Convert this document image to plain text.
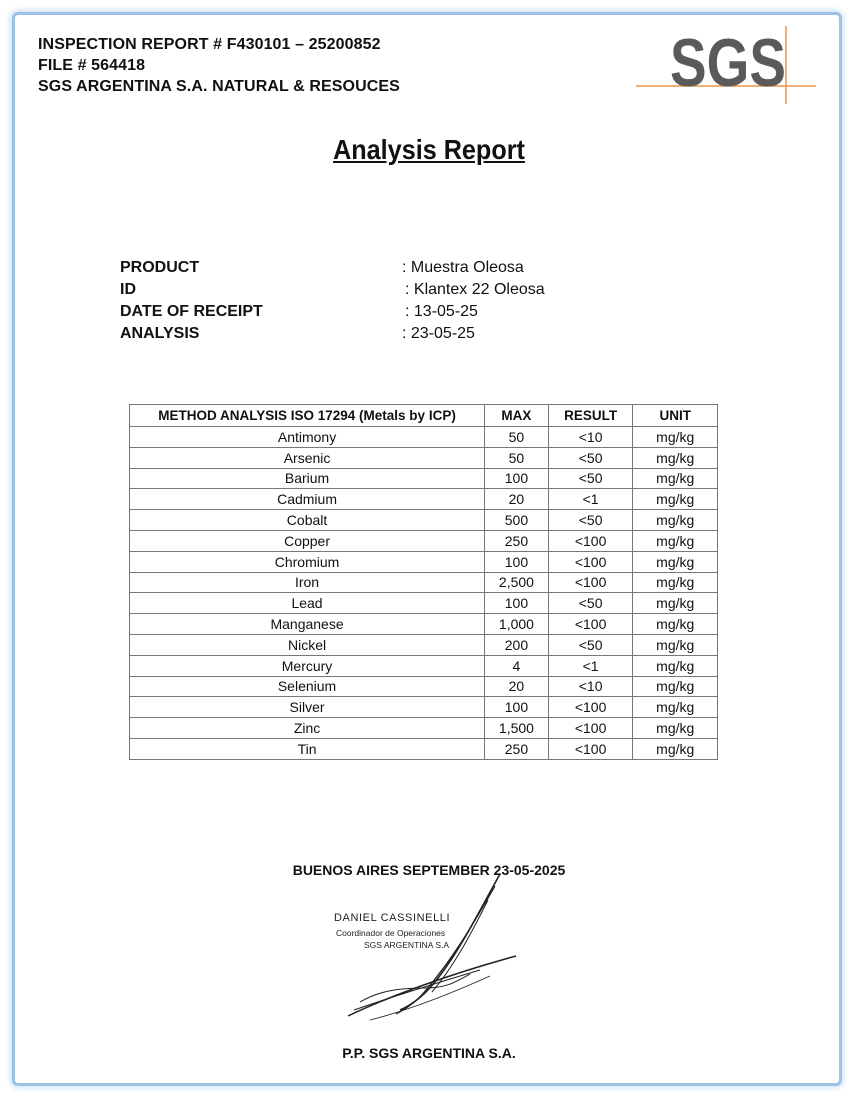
INSPECTION REPORT # F430101 – 25200852
FILE # 564418
SGS ARGENTINA S.A. NATURAL & RESOUCES	SGS
Analysis Report
PRODUCT	: Muestra Oleosa
ID	: Klantex 22 Oleosa
DATE OF RECEIPT	: 13-05-25
ANALYSIS	: 23-05-25
METHOD ANALYSIS ISO 17294 (Metals by ICP)	MAX	RESULT	UNIT
Antimony	50	<10	mg/kg
Arsenic	50	<50	mg/kg
Barium	100	<50	mg/kg
Cadmium	20	<1	mg/kg
Cobalt	500	<50	mg/kg
Copper	250	<100	mg/kg
Chromium	100	<100	mg/kg
Iron	2,500	<100	mg/kg
Lead	100	<50	mg/kg
Manganese	1,000	<100	mg/kg
Nickel	200	<50	mg/kg
Mercury	4	<1	mg/kg
Selenium	20	<10	mg/kg
Silver	100	<100	mg/kg
Zinc	1,500	<100	mg/kg
Tin	250	<100	mg/kg
BUENOS AIRES SEPTEMBER 23-05-2025
DANIEL CASSINELLI
Coordinador de Operaciones
SGS ARGENTINA S.A
P.P. SGS ARGENTINA S.A.
